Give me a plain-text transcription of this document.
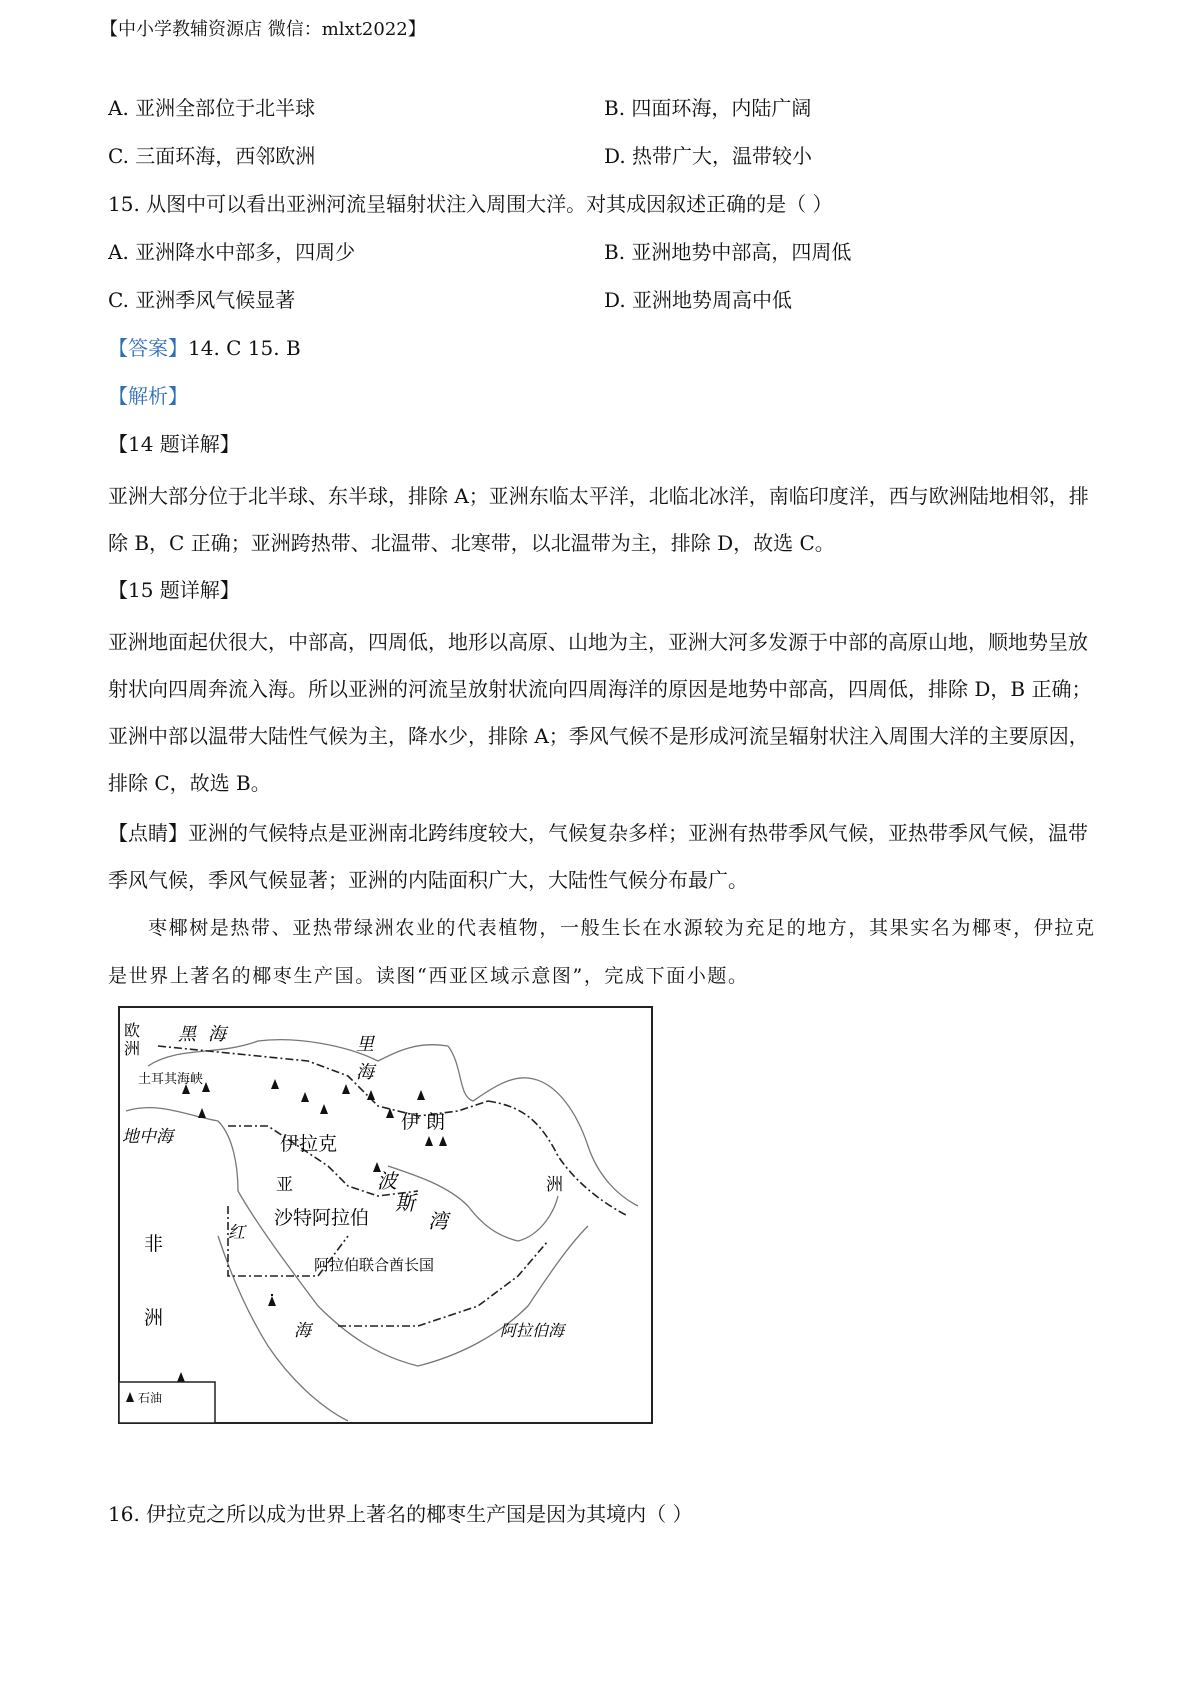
【中小学教辅资源店 微信：mlxt2022】
A. 亚洲全部位于北半球	B. 四面环海，内陆广阔
C. 三面环海，西邻欧洲	D. 热带广大，温带较小
15. 从图中可以看出亚洲河流呈辐射状注入周围大洋。对其成因叙述正确的是（ ）
A. 亚洲降水中部多，四周少	B. 亚洲地势中部高，四周低
C. 亚洲季风气候显著	D. 亚洲地势周高中低
【答案】14. C 15. B
【解析】
【14 题详解】
亚洲大部分位于北半球、东半球，排除 A；亚洲东临太平洋，北临北冰洋，南临印度洋，西与欧洲陆地相邻，排除 B，C 正确；亚洲跨热带、北温带、北寒带，以北温带为主，排除 D，故选 C。
【15 题详解】
亚洲地面起伏很大，中部高，四周低，地形以高原、山地为主，亚洲大河多发源于中部的高原山地，顺地势呈放射状向四周奔流入海。所以亚洲的河流呈放射状流向四周海洋的原因是地势中部高，四周低，排除 D，B 正确；亚洲中部以温带大陆性气候为主，降水少，排除 A；季风气候不是形成河流呈辐射状注入周围大洋的主要原因，排除 C，故选 B。
【点睛】亚洲的气候特点是亚洲南北跨纬度较大，气候复杂多样；亚洲有热带季风气候，亚热带季风气候，温带季风气候，季风气候显著；亚洲的内陆面积广大，大陆性气候分布最广。
枣椰树是热带、亚热带绿洲农业的代表植物，一般生长在水源较为充足的地方，其果实名为椰枣，伊拉克是世界上著名的椰枣生产国。读图“西亚区域示意图”，完成下面小题。
欧洲
黑 海	里
海
土耳其海峡
地中海	伊拉克
伊 朗
亚	洲
波
斯
湾
沙特阿拉伯
阿拉伯联合酋长国
非
洲
红
海	阿拉伯海
石油
16. 伊拉克之所以成为世界上著名的椰枣生产国是因为其境内（ ）
